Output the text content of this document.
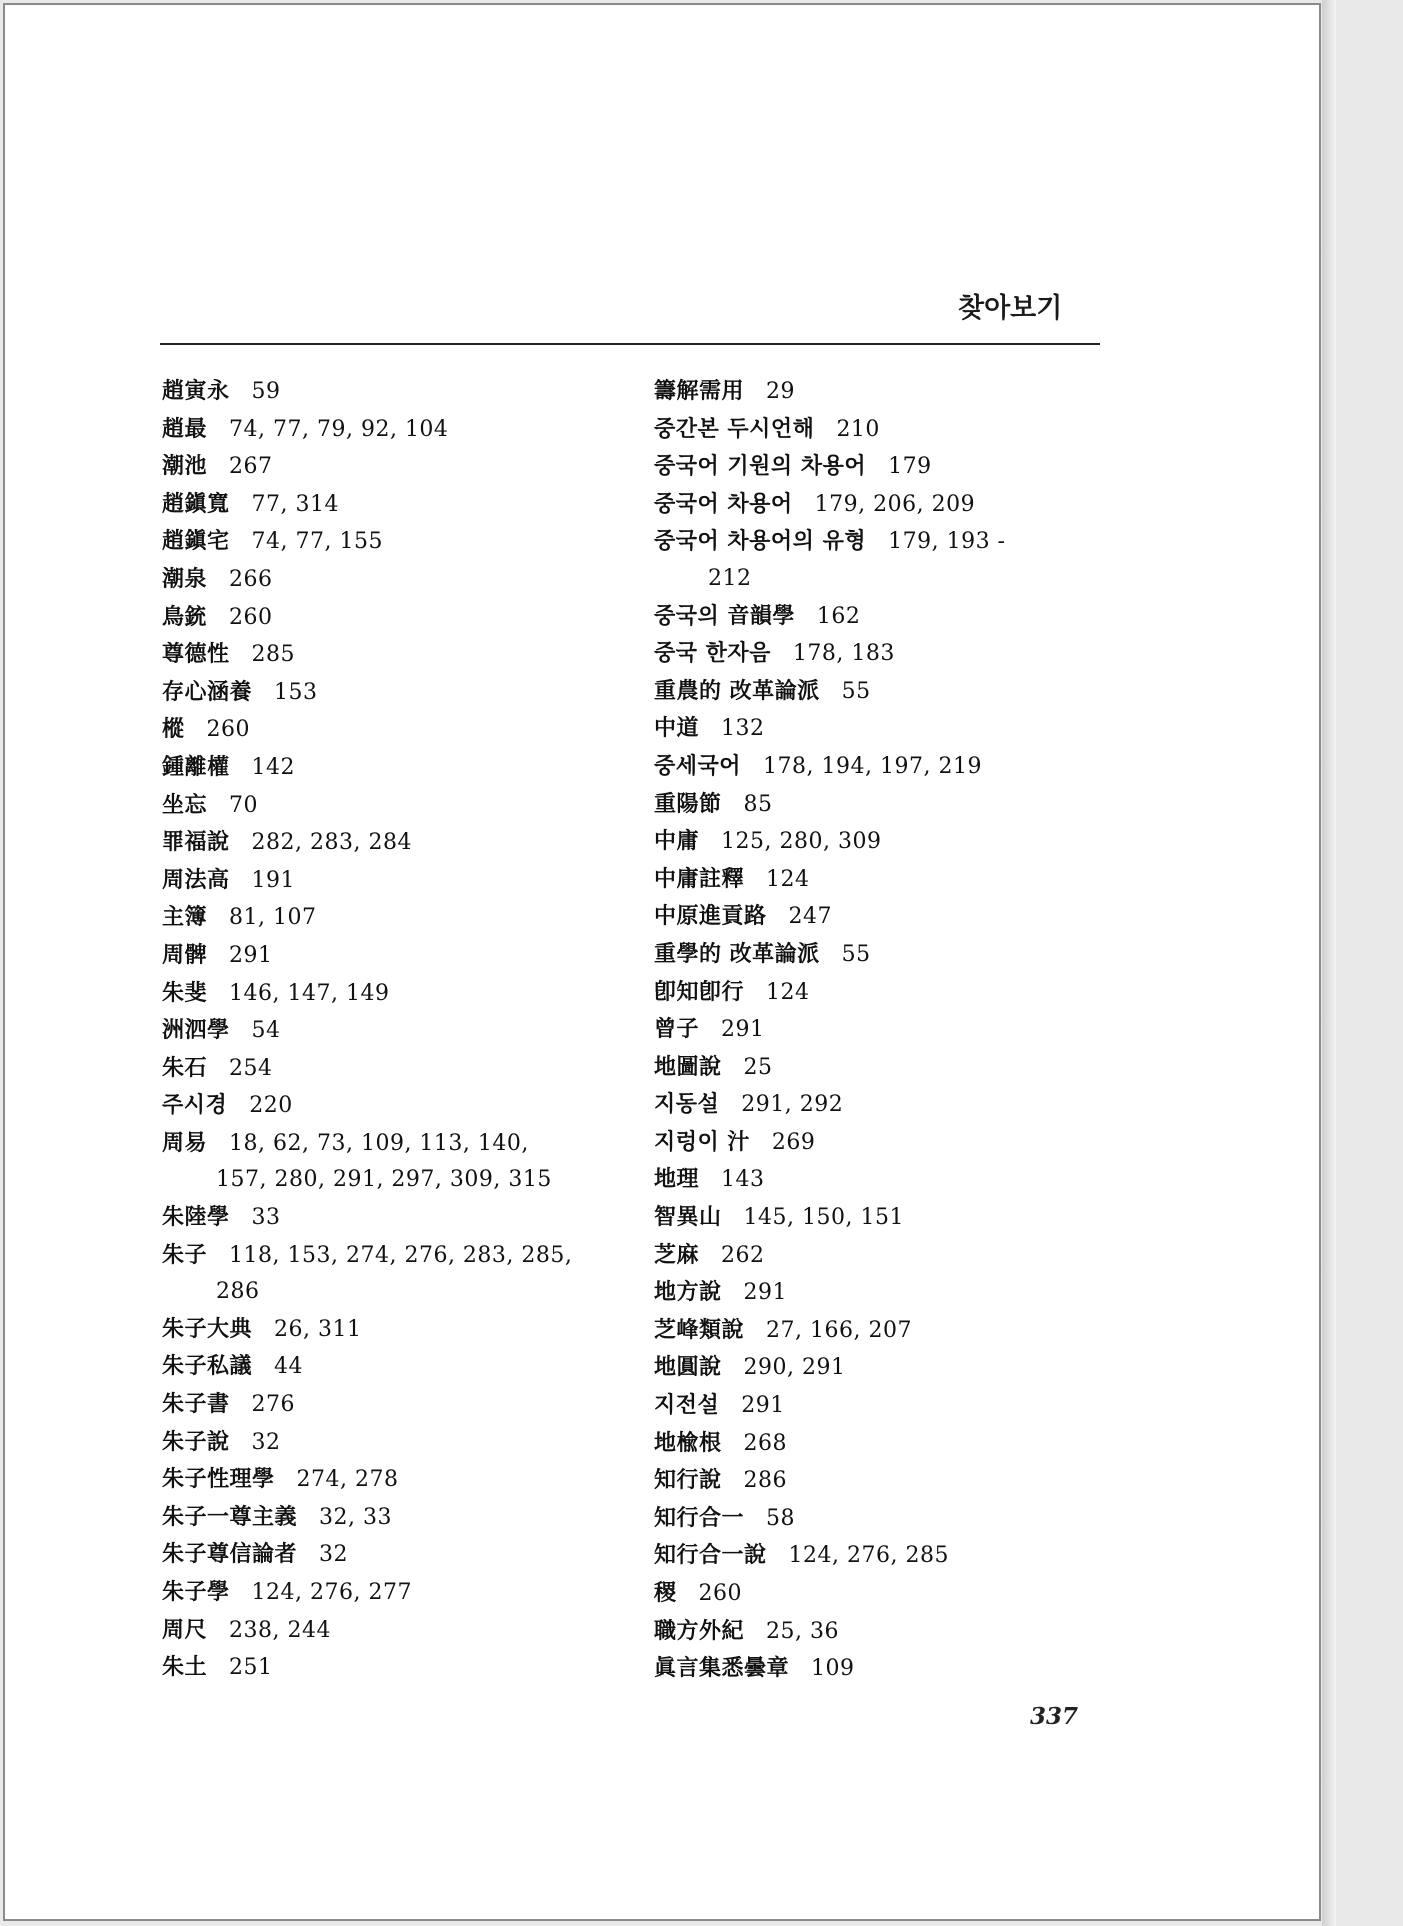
찾아보기
趙寅永 59
趙最 74, 77, 79, 92, 104
潮池 267
趙鎭寬 77, 314
趙鎭宅 74, 77, 155
潮泉 266
鳥銃 260
尊德性 285
存心涵養 153
樅 260
鍾離權 142
坐忘 70
罪福說 282, 283, 284
周法高 191
主簿 81, 107
周髀 291
朱斐 146, 147, 149
洲泗學 54
朱石 254
주시경 220
周易 18, 62, 73, 109, 113, 140,
157, 280, 291, 297, 309, 315
朱陸學 33
朱子 118, 153, 274, 276, 283, 285,
286
朱子大典 26, 311
朱子私議 44
朱子書 276
朱子說 32
朱子性理學 274, 278
朱子一尊主義 32, 33
朱子尊信論者 32
朱子學 124, 276, 277
周尺 238, 244
朱土 251
籌解需用 29
중간본 두시언해 210
중국어 기원의 차용어 179
중국어 차용어 179, 206, 209
중국어 차용어의 유형 179, 193 -
212
중국의 音韻學 162
중국 한자음 178, 183
重農的 改革論派 55
中道 132
중세국어 178, 194, 197, 219
重陽節 85
中庸 125, 280, 309
中庸註釋 124
中原進貢路 247
重學的 改革論派 55
卽知卽行 124
曾子 291
地圖說 25
지동설 291, 292
지렁이 汁 269
地理 143
智異山 145, 150, 151
芝麻 262
地方說 291
芝峰類說 27, 166, 207
地圓說 290, 291
지전설 291
地楡根 268
知行說 286
知行合一 58
知行合一說 124, 276, 285
稷 260
職方外紀 25, 36
眞言集悉曇章 109
337
